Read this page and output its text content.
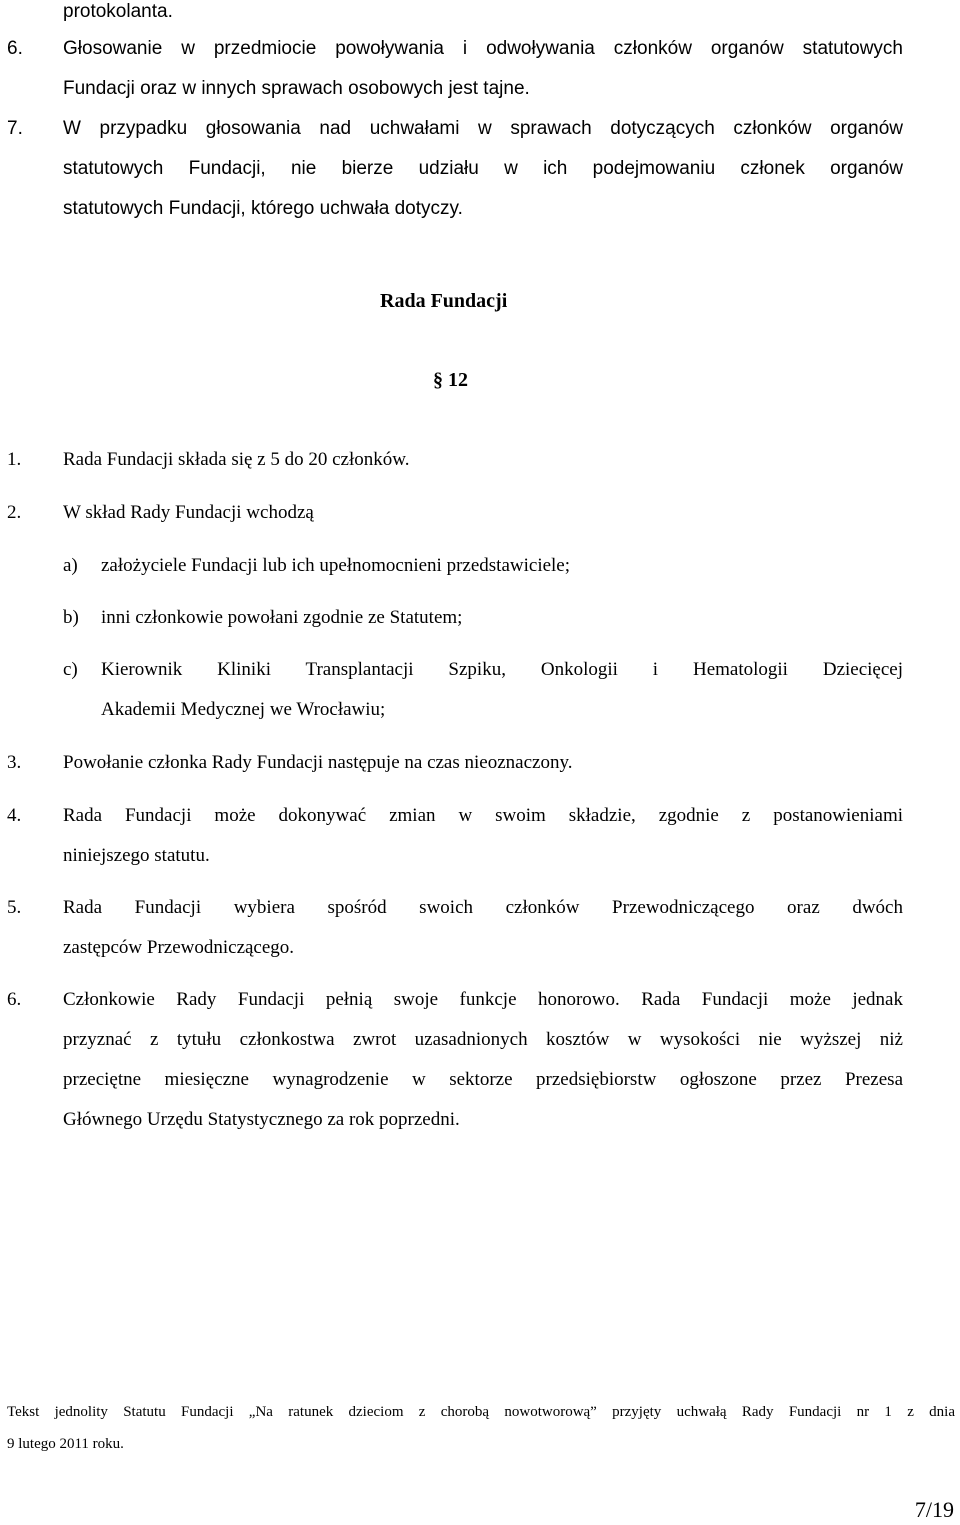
protokolanta.
6. Głosowanie w przedmiocie powoływania i odwoływania członków organów statutowych
Fundacji oraz w innych sprawach osobowych jest tajne.
7. W przypadku głosowania nad uchwałami w sprawach dotyczących członków organów
statutowych Fundacji, nie bierze udziału w ich podejmowaniu członek organów
statutowych Fundacji, którego uchwała dotyczy.
Rada Fundacji
§ 12
1. Rada Fundacji składa się z 5 do 20 członków.
2. W skład Rady Fundacji wchodzą
a) założyciele Fundacji lub ich upełnomocnieni przedstawiciele;
b) inni członkowie powołani zgodnie ze Statutem;
c) Kierownik Kliniki Transplantacji Szpiku, Onkologii i Hematologii Dziecięcej
Akademii Medycznej we Wrocławiu;
3. Powołanie członka Rady Fundacji następuje na czas nieoznaczony.
4. Rada Fundacji może dokonywać zmian w swoim składzie, zgodnie z postanowieniami
niniejszego statutu.
5. Rada Fundacji wybiera spośród swoich członków Przewodniczącego oraz dwóch
zastępców Przewodniczącego.
6. Członkowie Rady Fundacji pełnią swoje funkcje honorowo. Rada Fundacji może jednak
przyznać z tytułu członkostwa zwrot uzasadnionych kosztów w wysokości nie wyższej niż
przeciętne miesięczne wynagrodzenie w sektorze przedsiębiorstw ogłoszone przez Prezesa
Głównego Urzędu Statystycznego za rok poprzedni.
Tekst jednolity Statutu Fundacji „Na ratunek dzieciom z chorobą nowotworową” przyjęty uchwałą Rady Fundacji nr 1 z dnia
9 lutego 2011 roku.
7/19
